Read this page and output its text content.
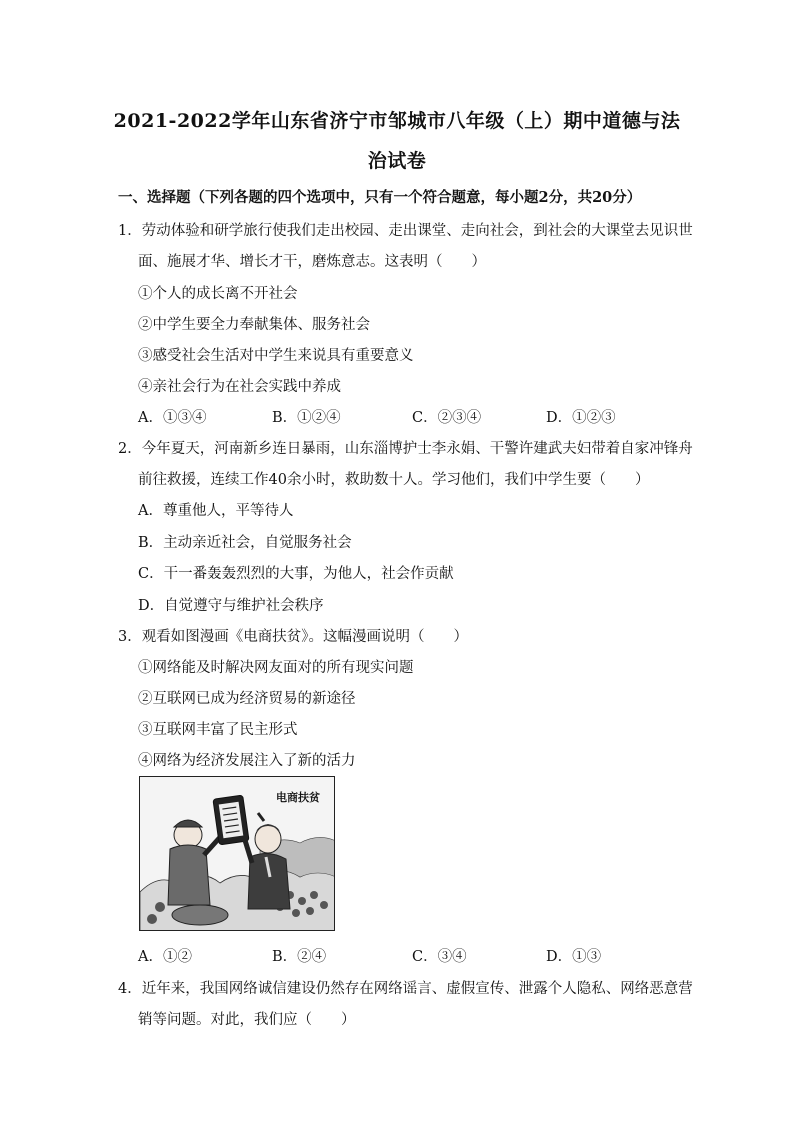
2021-2022学年山东省济宁市邹城市八年级（上）期中道德与法
治试卷
一、选择题（下列各题的四个选项中，只有一个符合题意，每小题2分，共20分）
1．劳动体验和研学旅行使我们走出校园、走出课堂、走向社会，到社会的大课堂去见识世
面、施展才华、增长才干，磨炼意志。这表明（　　）
①个人的成长离不开社会
②中学生要全力奉献集体、服务社会
③感受社会生活对中学生来说具有重要意义
④亲社会行为在社会实践中养成
A．①③④	B．①②④	C．②③④	D．①②③
2．今年夏天，河南新乡连日暴雨，山东淄博护士李永娟、干警许建武夫妇带着自家冲锋舟
前往救援，连续工作40余小时，救助数十人。学习他们，我们中学生要（　　）
A．尊重他人，平等待人
B．主动亲近社会，自觉服务社会
C．干一番轰轰烈烈的大事，为他人，社会作贡献
D．自觉遵守与维护社会秩序
3．观看如图漫画《电商扶贫》。这幅漫画说明（　　）
①网络能及时解决网友面对的所有现实问题
②互联网已成为经济贸易的新途径
③互联网丰富了民主形式
④网络为经济发展注入了新的活力
电商扶贫
A．①②	B．②④	C．③④	D．①③
4．近年来，我国网络诚信建设仍然存在网络谣言、虚假宣传、泄露个人隐私、网络恶意营
销等问题。对此，我们应（　　）
